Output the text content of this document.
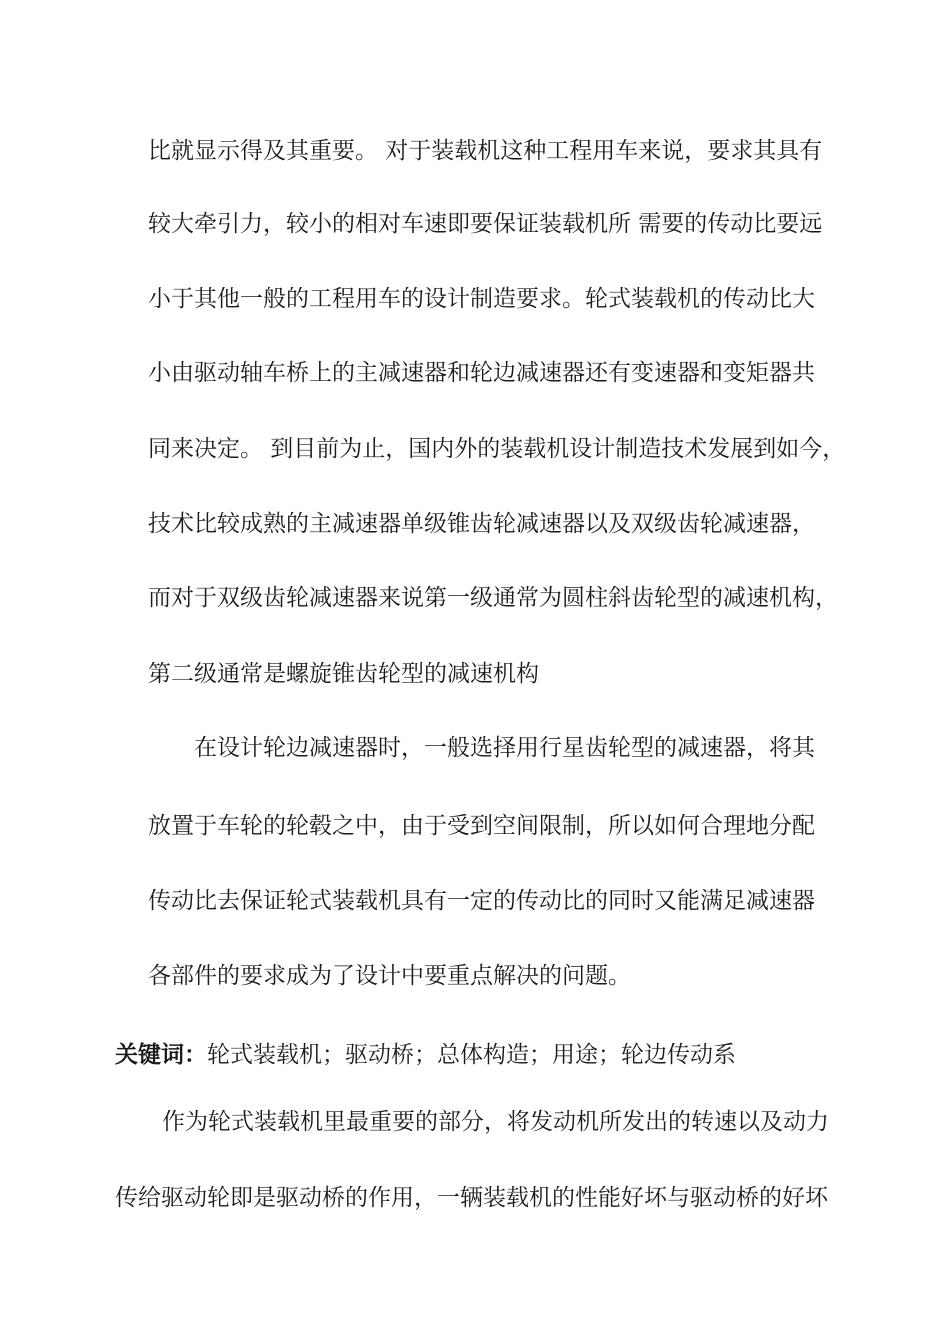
比就显示得及其重要。 对于装载机这种工程用车来说，要求其具有
较大牵引力，较小的相对车速即要保证装载机所 需要的传动比要远
小于其他一般的工程用车的设计制造要求。轮式装载机的传动比大
小由驱动轴车桥上的主减速器和轮边减速器还有变速器和变矩器共
同来决定。 到目前为止，国内外的装载机设计制造技术发展到如今，
技术比较成熟的主减速器单级锥齿轮减速器以及双级齿轮减速器，
而对于双级齿轮减速器来说第一级通常为圆柱斜齿轮型的减速机构，
第二级通常是螺旋锥齿轮型的减速机构
在设计轮边减速器时，一般选择用行星齿轮型的减速器，将其
放置于车轮的轮毂之中，由于受到空间限制，所以如何合理地分配
传动比去保证轮式装载机具有一定的传动比的同时又能满足减速器
各部件的要求成为了设计中要重点解决的问题。
关键词：轮式装载机；驱动桥；总体构造；用途；轮边传动系
作为轮式装载机里最重要的部分，将发动机所发出的转速以及动力
传给驱动轮即是驱动桥的作用，一辆装载机的性能好坏与驱动桥的好坏
